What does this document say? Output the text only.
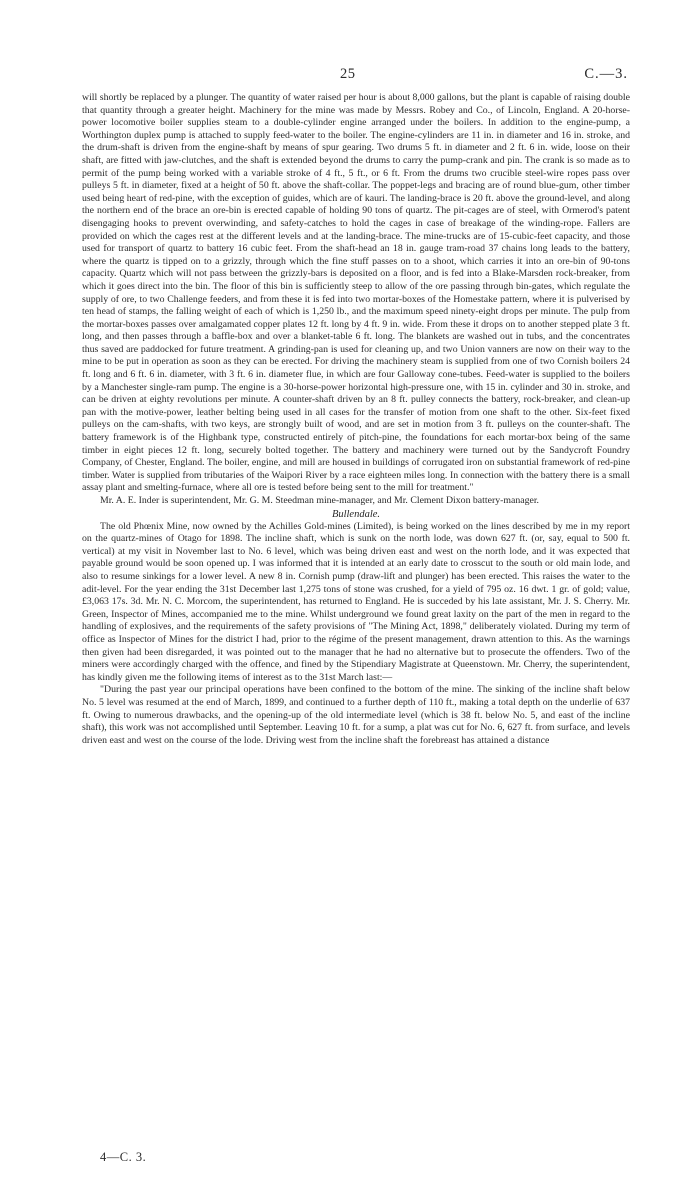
25	C.—3.

will shortly be replaced by a plunger. The quantity of water raised per hour is about 8,000 gallons, but the plant is capable of raising double that quantity through a greater height. Machinery for the mine was made by Messrs. Robey and Co., of Lincoln, England. A 20-horse-power locomotive boiler supplies steam to a double-cylinder engine arranged under the boilers. In addition to the engine-pump, a Worthington duplex pump is attached to supply feed-water to the boiler. The engine-cylinders are 11 in. in diameter and 16 in. stroke, and the drum-shaft is driven from the engine-shaft by means of spur gearing. Two drums 5 ft. in diameter and 2 ft. 6 in. wide, loose on their shaft, are fitted with jaw-clutches, and the shaft is extended beyond the drums to carry the pump-crank and pin. The crank is so made as to permit of the pump being worked with a variable stroke of 4 ft., 5 ft., or 6 ft. From the drums two crucible steel-wire ropes pass over pulleys 5 ft. in diameter, fixed at a height of 50 ft. above the shaft-collar. The poppet-legs and bracing are of round blue-gum, other timber used being heart of red-pine, with the exception of guides, which are of kauri. The landing-brace is 20 ft. above the ground-level, and along the northern end of the brace an ore-bin is erected capable of holding 90 tons of quartz. The pit-cages are of steel, with Ormerod's patent disengaging hooks to prevent overwinding, and safety-catches to hold the cages in case of breakage of the winding-rope. Fallers are provided on which the cages rest at the different levels and at the landing-brace. The mine-trucks are of 15-cubic-feet capacity, and those used for transport of quartz to battery 16 cubic feet. From the shaft-head an 18 in. gauge tram-road 37 chains long leads to the battery, where the quartz is tipped on to a grizzly, through which the fine stuff passes on to a shoot, which carries it into an ore-bin of 90-tons capacity. Quartz which will not pass between the grizzly-bars is deposited on a floor, and is fed into a Blake-Marsden rock-breaker, from which it goes direct into the bin. The floor of this bin is sufficiently steep to allow of the ore passing through bin-gates, which regulate the supply of ore, to two Challenge feeders, and from these it is fed into two mortar-boxes of the Homestake pattern, where it is pulverised by ten head of stamps, the falling weight of each of which is 1,250 lb., and the maximum speed ninety-eight drops per minute. The pulp from the mortar-boxes passes over amalgamated copper plates 12 ft. long by 4 ft. 9 in. wide. From these it drops on to another stepped plate 3 ft. long, and then passes through a baffle-box and over a blanket-table 6 ft. long. The blankets are washed out in tubs, and the concentrates thus saved are paddocked for future treatment. A grinding-pan is used for cleaning up, and two Union vanners are now on their way to the mine to be put in operation as soon as they can be erected. For driving the machinery steam is supplied from one of two Cornish boilers 24 ft. long and 6 ft. 6 in. diameter, with 3 ft. 6 in. diameter flue, in which are four Galloway cone-tubes. Feed-water is supplied to the boilers by a Manchester single-ram pump. The engine is a 30-horse-power horizontal high-pressure one, with 15 in. cylinder and 30 in. stroke, and can be driven at eighty revolutions per minute. A counter-shaft driven by an 8 ft. pulley connects the battery, rock-breaker, and clean-up pan with the motive-power, leather belting being used in all cases for the transfer of motion from one shaft to the other. Six-feet fixed pulleys on the cam-shafts, with two keys, are strongly built of wood, and are set in motion from 3 ft. pulleys on the counter-shaft. The battery framework is of the Highbank type, constructed entirely of pitch-pine, the foundations for each mortar-box being of the same timber in eight pieces 12 ft. long, securely bolted together. The battery and machinery were turned out by the Sandycroft Foundry Company, of Chester, England. The boiler, engine, and mill are housed in buildings of corrugated iron on substantial framework of red-pine timber. Water is supplied from tributaries of the Waipori River by a race eighteen miles long. In connection with the battery there is a small assay plant and smelting-furnace, where all ore is tested before being sent to the mill for treatment."

Mr. A. E. Inder is superintendent, Mr. G. M. Steedman mine-manager, and Mr. Clement Dixon battery-manager.

Bullendale.

The old Phœnix Mine, now owned by the Achilles Gold-mines (Limited), is being worked on the lines described by me in my report on the quartz-mines of Otago for 1898. The incline shaft, which is sunk on the north lode, was down 627 ft. (or, say, equal to 500 ft. vertical) at my visit in November last to No. 6 level, which was being driven east and west on the north lode, and it was expected that payable ground would be soon opened up. I was informed that it is intended at an early date to crosscut to the south or old main lode, and also to resume sinkings for a lower level. A new 8 in. Cornish pump (draw-lift and plunger) has been erected. This raises the water to the adit-level. For the year ending the 31st December last 1,275 tons of stone was crushed, for a yield of 795 oz. 16 dwt. 1 gr. of gold; value, £3,063 17s. 3d. Mr. N. C. Morcom, the superintendent, has returned to England. He is succeded by his late assistant, Mr. J. S. Cherry. Mr. Green, Inspector of Mines, accompanied me to the mine. Whilst underground we found great laxity on the part of the men in regard to the handling of explosives, and the requirements of the safety provisions of "The Mining Act, 1898," deliberately violated. During my term of office as Inspector of Mines for the district I had, prior to the régime of the present management, drawn attention to this. As the warnings then given had been disregarded, it was pointed out to the manager that he had no alternative but to prosecute the offenders. Two of the miners were accordingly charged with the offence, and fined by the Stipendiary Magistrate at Queenstown. Mr. Cherry, the superintendent, has kindly given me the following items of interest as to the 31st March last:—

"During the past year our principal operations have been confined to the bottom of the mine. The sinking of the incline shaft below No. 5 level was resumed at the end of March, 1899, and continued to a further depth of 110 ft., making a total depth on the underlie of 637 ft. Owing to numerous drawbacks, and the opening-up of the old intermediate level (which is 38 ft. below No. 5, and east of the incline shaft), this work was not accomplished until September. Leaving 10 ft. for a sump, a plat was cut for No. 6, 627 ft. from surface, and levels driven east and west on the course of the lode. Driving west from the incline shaft the forebreast has attained a distance

4—C. 3.
